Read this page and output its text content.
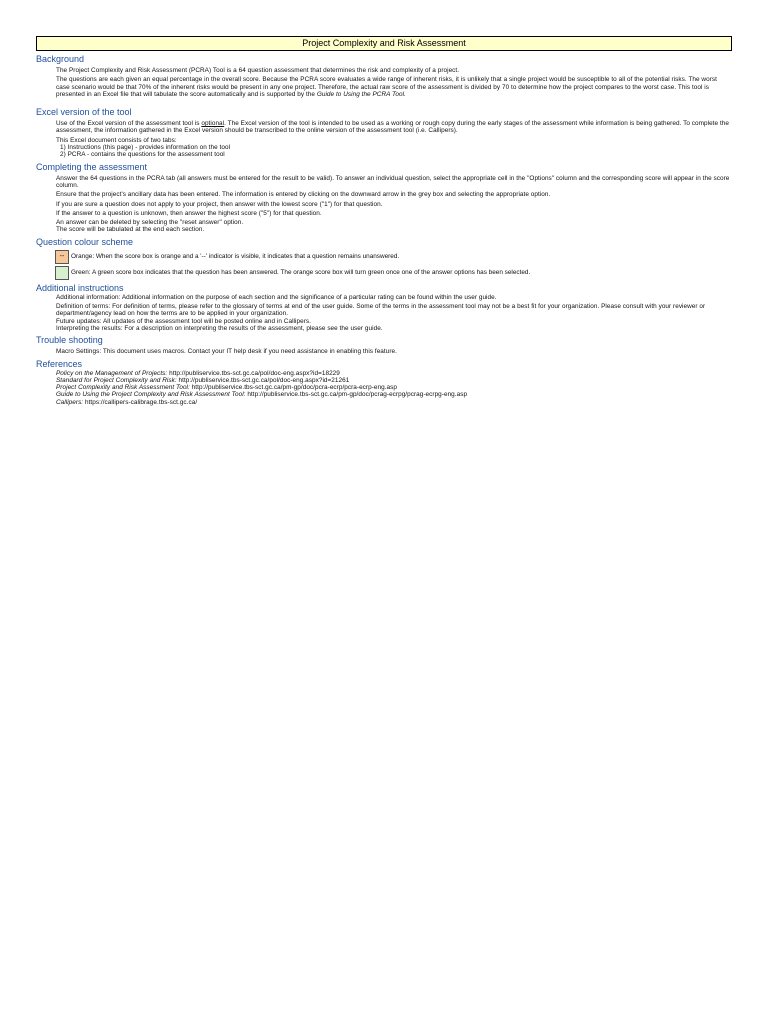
Project Complexity and Risk Assessment
Background
The Project Complexity and Risk Assessment (PCRA) Tool is a 64 question assessment that determines the risk and complexity of a project.
The questions are each given an equal percentage in the overall score. Because the PCRA score evaluates a wide range of inherent risks, it is unlikely that a single project would be susceptible to all of the potential risks. The worst case scenario would be that 70% of the inherent risks would be present in any one project. Therefore, the actual raw score of the assessment is divided by 70 to determine how the project compares to the worst case. This tool is presented in an Excel file that will tabulate the score automatically and is supported by the Guide to Using the PCRA Tool.
Excel version of the tool
Use of the Excel version of the assessment tool is optional. The Excel version of the tool is intended to be used as a working or rough copy during the early stages of the assessment while information is being gathered. To complete the assessment, the information gathered in the Excel version should be transcribed to the online version of the assessment tool (i.e. Callipers).
This Excel document consists of two tabs:
1) Instructions (this page) - provides information on the tool
2) PCRA - contains the questions for the assessment tool
Completing the assessment
Answer the 64 questions in the PCRA tab (all answers must be entered for the result to be valid). To answer an individual question, select the appropriate cell in the "Options" column and the corresponding score will appear in the score column.
Ensure that the project's ancillary data has been entered. The information is entered by clicking on the downward arrow in the grey box and selecting the appropriate option.
If you are sure a question does not apply to your project, then answer with the lowest score ("1") for that question.
If the answer to a question is unknown, then answer the highest score ("5") for that question.
An answer can be deleted by selecting the "reset answer" option.
The score will be tabulated at the end each section.
Question colour scheme
--	Orange: When the score box is orange and a '--' indicator is visible, it indicates that a question remains unanswered.
Green: A green score box indicates that the question has been answered. The orange score box will turn green once one of the answer options has been selected.
Additional instructions
Additional information: Additional information on the purpose of each section and the significance of a particular rating can be found within the user guide.
Definition of terms: For definition of terms, please refer to the glossary of terms at end of the user guide. Some of the terms in the assessment tool may not be a best fit for your organization. Please consult with your reviewer or department/agency lead on how the terms are to be applied in your organization.
Future updates: All updates of the assessment tool will be posted online and in Callipers.
Interpreting the results: For a description on interpreting the results of the assessment, please see the user guide.
Trouble shooting
Macro Settings: This document uses macros. Contact your IT help desk if you need assistance in enabling this feature.
References
Policy on the Management of Projects: http://publiservice.tbs-sct.gc.ca/pol/doc-eng.aspx?id=18229
Standard for Project Complexity and Risk: http://publiservice.tbs-sct.gc.ca/pol/doc-eng.aspx?id=21261
Project Complexity and Risk Assessment Tool: http://publiservice.tbs-sct.gc.ca/pm-gp/doc/pcra-ecrp/pcra-ecrp-eng.asp
Guide to Using the Project Complexity and Risk Assessment Tool: http://publiservice.tbs-sct.gc.ca/pm-gp/doc/pcrag-ecrpg/pcrag-ecrpg-eng.asp
Callipers: https://callipers-calibrage.tbs-sct.gc.ca/
